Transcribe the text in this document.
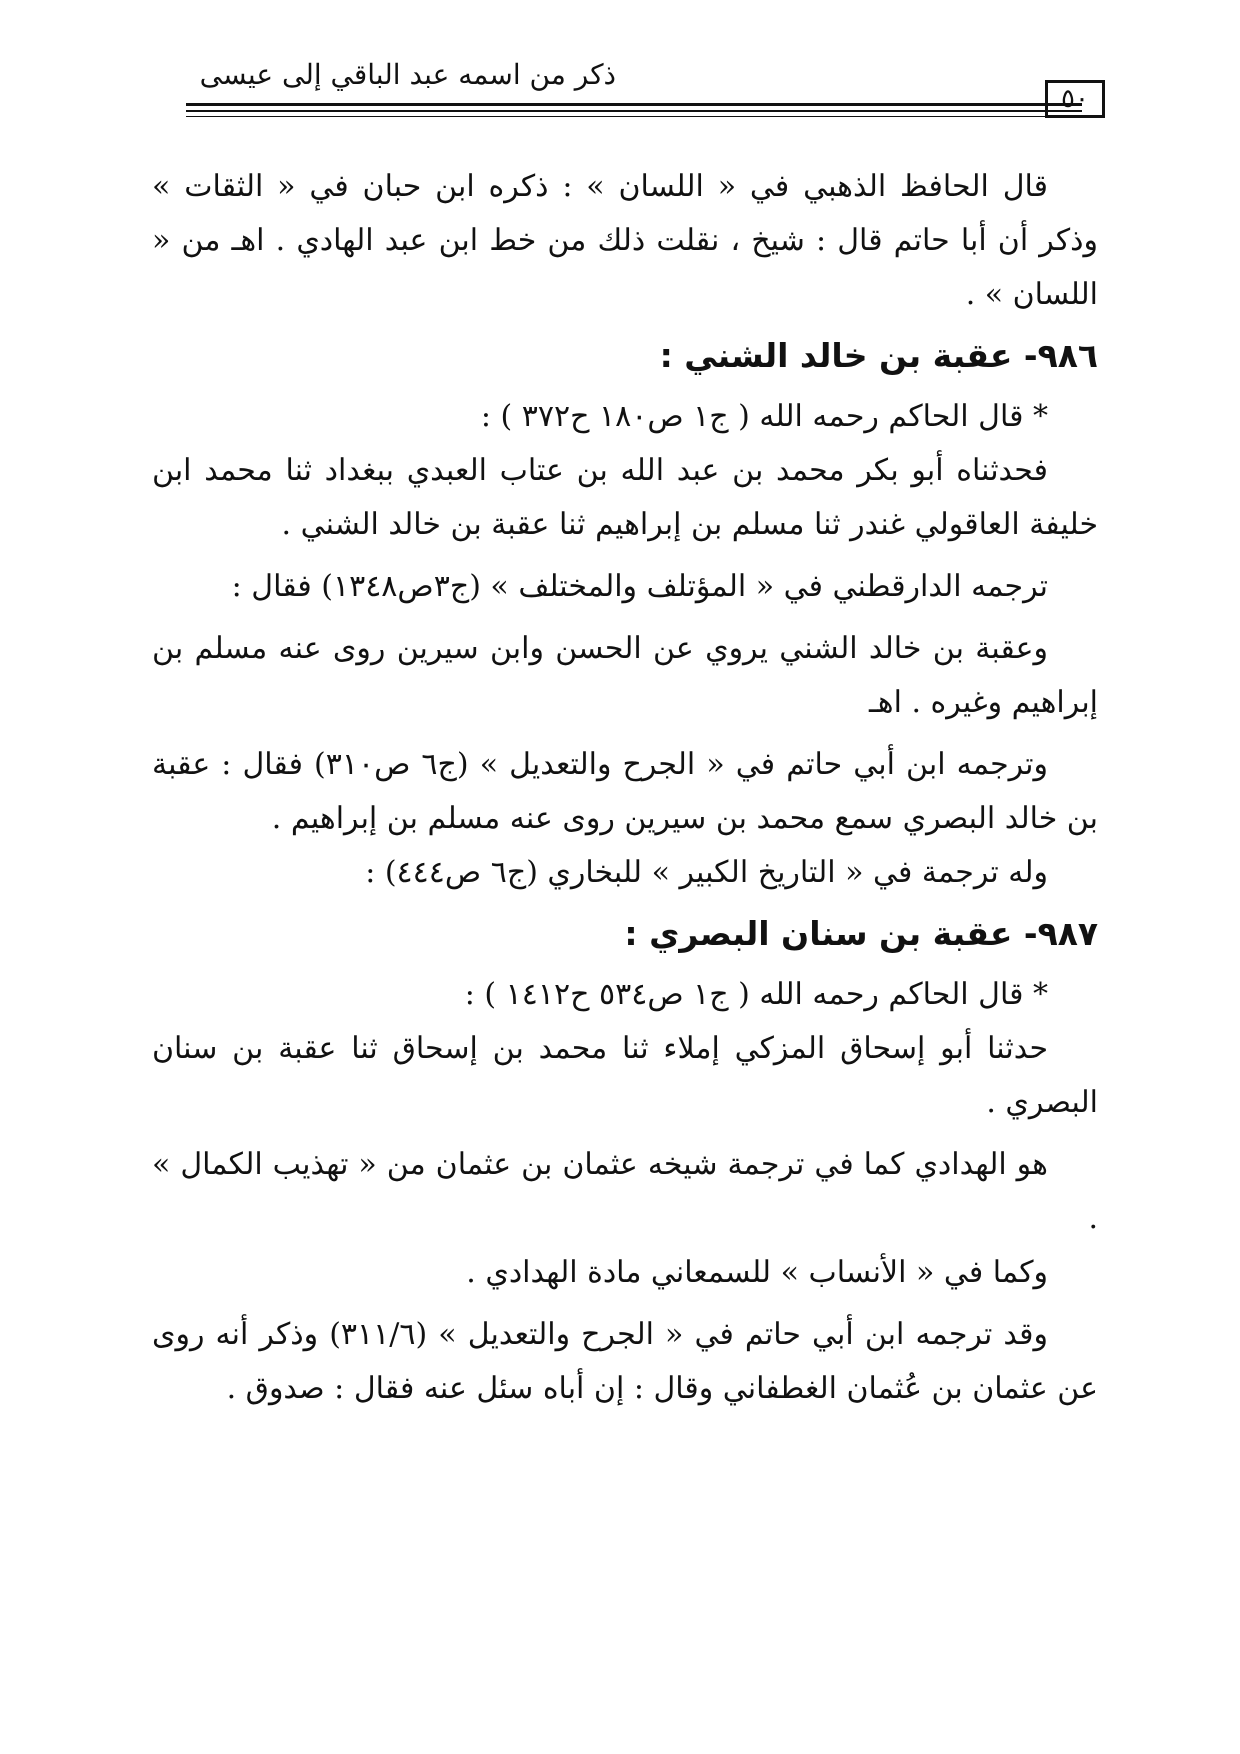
ذكر من اسمه عبد الباقي إلى عيسى
٥٠

قال الحافظ الذهبي في « اللسان » : ذكره ابن حبان في « الثقات » وذكر أن أبا حاتم قال : شيخ ، نقلت ذلك من خط ابن عبد الهادي . اهـ من « اللسان » .

٩٨٦- عقبة بن خالد الشني :

* قال الحاكم رحمه الله ( ج١ ص١٨٠ ح٣٧٢ ) :

فحدثناه أبو بكر محمد بن عبد الله بن عتاب العبدي ببغداد ثنا محمد ابن خليفة العاقولي غندر ثنا مسلم بن إبراهيم ثنا عقبة بن خالد الشني .

ترجمه الدارقطني في « المؤتلف والمختلف » (ج٣ص١٣٤٨) فقال :

وعقبة بن خالد الشني يروي عن الحسن وابن سيرين روى عنه مسلم بن إبراهيم وغيره . اهـ

وترجمه ابن أبي حاتم في « الجرح والتعديل » (ج٦ ص٣١٠) فقال : عقبة بن خالد البصري سمع محمد بن سيرين روى عنه مسلم بن إبراهيم .

وله ترجمة في « التاريخ الكبير » للبخاري (ج٦ ص٤٤٤) :

٩٨٧- عقبة بن سنان البصري :

* قال الحاكم رحمه الله ( ج١ ص٥٣٤ ح١٤١٢ ) :

حدثنا أبو إسحاق المزكي إملاء ثنا محمد بن إسحاق ثنا عقبة بن سنان البصري .

هو الهدادي كما في ترجمة شيخه عثمان بن عثمان من « تهذيب الكمال » .

وكما في « الأنساب » للسمعاني مادة الهدادي .

وقد ترجمه ابن أبي حاتم في « الجرح والتعديل » (٣١١/٦) وذكر أنه روى عن عثمان بن عُثمان الغطفاني وقال : إن أباه سئل عنه فقال : صدوق .
